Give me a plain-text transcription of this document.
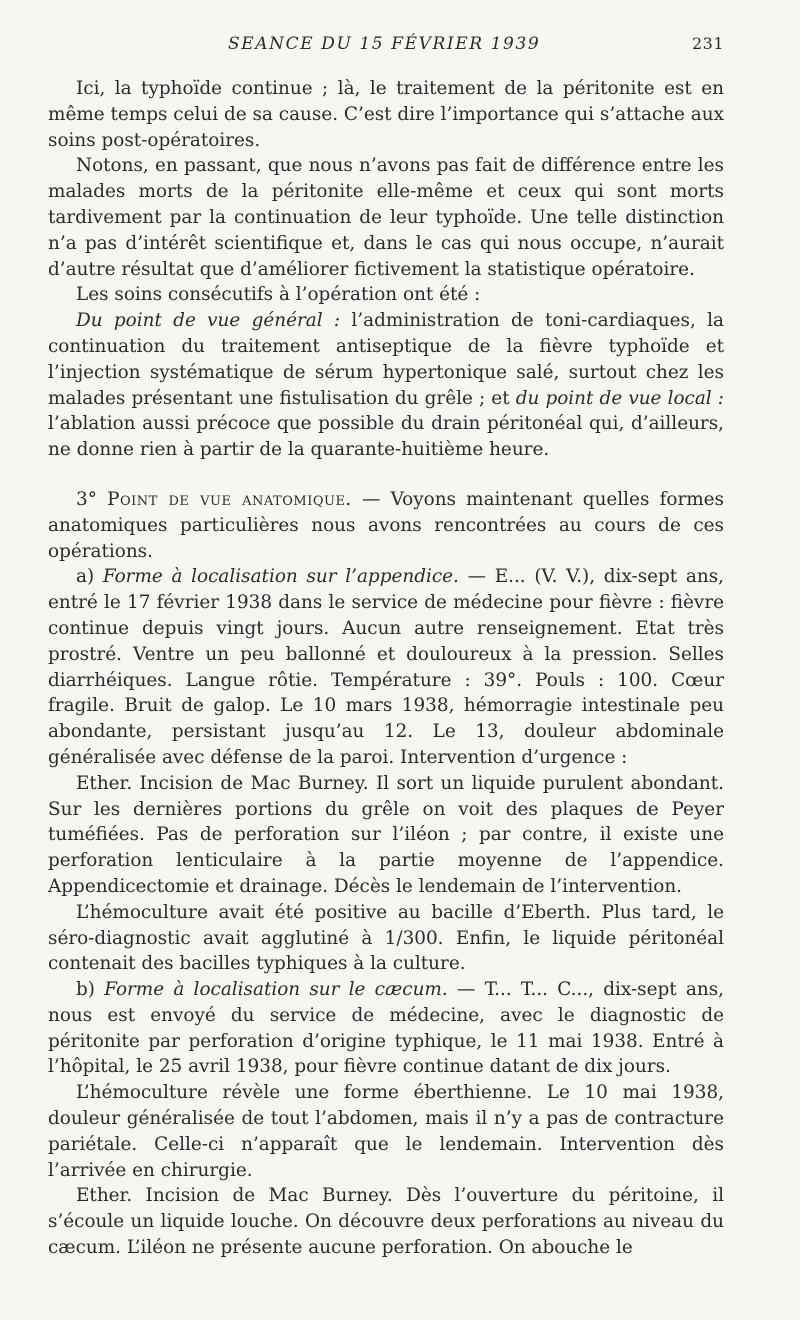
SEANCE DU 15 FÉVRIER 1939	231

Ici, la typhoïde continue ; là, le traitement de la péritonite est en même temps celui de sa cause. C’est dire l’importance qui s’attache aux soins post-opératoires.

Notons, en passant, que nous n’avons pas fait de différence entre les malades morts de la péritonite elle-même et ceux qui sont morts tardivement par la continuation de leur typhoïde. Une telle distinction n’a pas d’intérêt scientifique et, dans le cas qui nous occupe, n’aurait d’autre résultat que d’améliorer fictivement la statistique opératoire.

Les soins consécutifs à l’opération ont été :

Du point de vue général : l’administration de toni-cardiaques, la continuation du traitement antiseptique de la fièvre typhoïde et l’injection systématique de sérum hypertonique salé, surtout chez les malades présentant une fistulisation du grêle ; et du point de vue local : l’ablation aussi précoce que possible du drain péritonéal qui, d’ailleurs, ne donne rien à partir de la quarante-huitième heure.

3° Point de vue anatomique. — Voyons maintenant quelles formes anatomiques particulières nous avons rencontrées au cours de ces opérations.

a) Forme à localisation sur l’appendice. — E... (V. V.), dix-sept ans, entré le 17 février 1938 dans le service de médecine pour fièvre : fièvre continue depuis vingt jours. Aucun autre renseignement. Etat très prostré. Ventre un peu ballonné et douloureux à la pression. Selles diarrhéiques. Langue rôtie. Température : 39°. Pouls : 100. Cœur fragile. Bruit de galop. Le 10 mars 1938, hémorragie intestinale peu abondante, persistant jusqu’au 12. Le 13, douleur abdominale généralisée avec défense de la paroi. Intervention d’urgence :

Ether. Incision de Mac Burney. Il sort un liquide purulent abondant. Sur les dernières portions du grêle on voit des plaques de Peyer tuméfiées. Pas de perforation sur l’iléon ; par contre, il existe une perforation lenticulaire à la partie moyenne de l’appendice. Appendicectomie et drainage. Décès le lendemain de l’intervention.

L’hémoculture avait été positive au bacille d’Eberth. Plus tard, le séro-diagnostic avait agglutiné à 1/300. Enfin, le liquide péritonéal contenait des bacilles typhiques à la culture.

b) Forme à localisation sur le cæcum. — T... T... C..., dix-sept ans, nous est envoyé du service de médecine, avec le diagnostic de péritonite par perforation d’origine typhique, le 11 mai 1938. Entré à l’hôpital, le 25 avril 1938, pour fièvre continue datant de dix jours.

L’hémoculture révèle une forme éberthienne. Le 10 mai 1938, douleur généralisée de tout l’abdomen, mais il n’y a pas de contracture pariétale. Celle-ci n’apparaît que le lendemain. Intervention dès l’arrivée en chirurgie.

Ether. Incision de Mac Burney. Dès l’ouverture du péritoine, il s’écoule un liquide louche. On découvre deux perforations au niveau du cæcum. L’iléon ne présente aucune perforation. On abouche le
